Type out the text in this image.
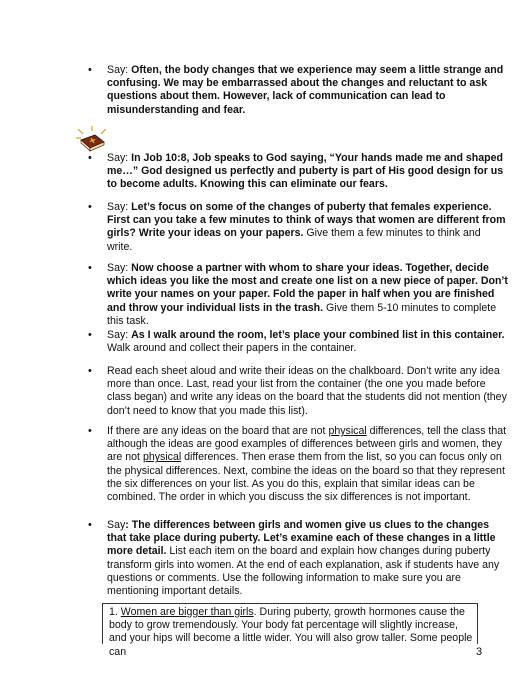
• Say: Often, the body changes that we experience may seem a little strange and confusing. We may be embarrassed about the changes and reluctant to ask questions about them. However, lack of communication can lead to misunderstanding and fear.
• Say: In Job 10:8, Job speaks to God saying, “Your hands made me and shaped me…” God designed us perfectly and puberty is part of His good design for us to become adults. Knowing this can eliminate our fears.
• Say: Let’s focus on some of the changes of puberty that females experience. First can you take a few minutes to think of ways that women are different from girls? Write your ideas on your papers. Give them a few minutes to think and write.
• Say: Now choose a partner with whom to share your ideas. Together, decide which ideas you like the most and create one list on a new piece of paper. Don’t write your names on your paper. Fold the paper in half when you are finished and throw your individual lists in the trash. Give them 5-10 minutes to complete this task.
• Say: As I walk around the room, let’s place your combined list in this container. Walk around and collect their papers in the container.
• Read each sheet aloud and write their ideas on the chalkboard. Don’t write any idea more than once. Last, read your list from the container (the one you made before class began) and write any ideas on the board that the students did not mention (they don’t need to know that you made this list).
• If there are any ideas on the board that are not physical differences, tell the class that although the ideas are good examples of differences between girls and women, they are not physical differences. Then erase them from the list, so you can focus only on the physical differences. Next, combine the ideas on the board so that they represent the six differences on your list. As you do this, explain that similar ideas can be combined. The order in which you discuss the six differences is not important.
• Say: The differences between girls and women give us clues to the changes that take place during puberty. Let’s examine each of these changes in a little more detail. List each item on the board and explain how changes during puberty transform girls into women. At the end of each explanation, ask if students have any questions or comments. Use the following information to make sure you are mentioning important details.
1. Women are bigger than girls. During puberty, growth hormones cause the body to grow tremendously. Your body fat percentage will slightly increase, and your hips will become a little wider. You will also grow taller. Some people can	3
